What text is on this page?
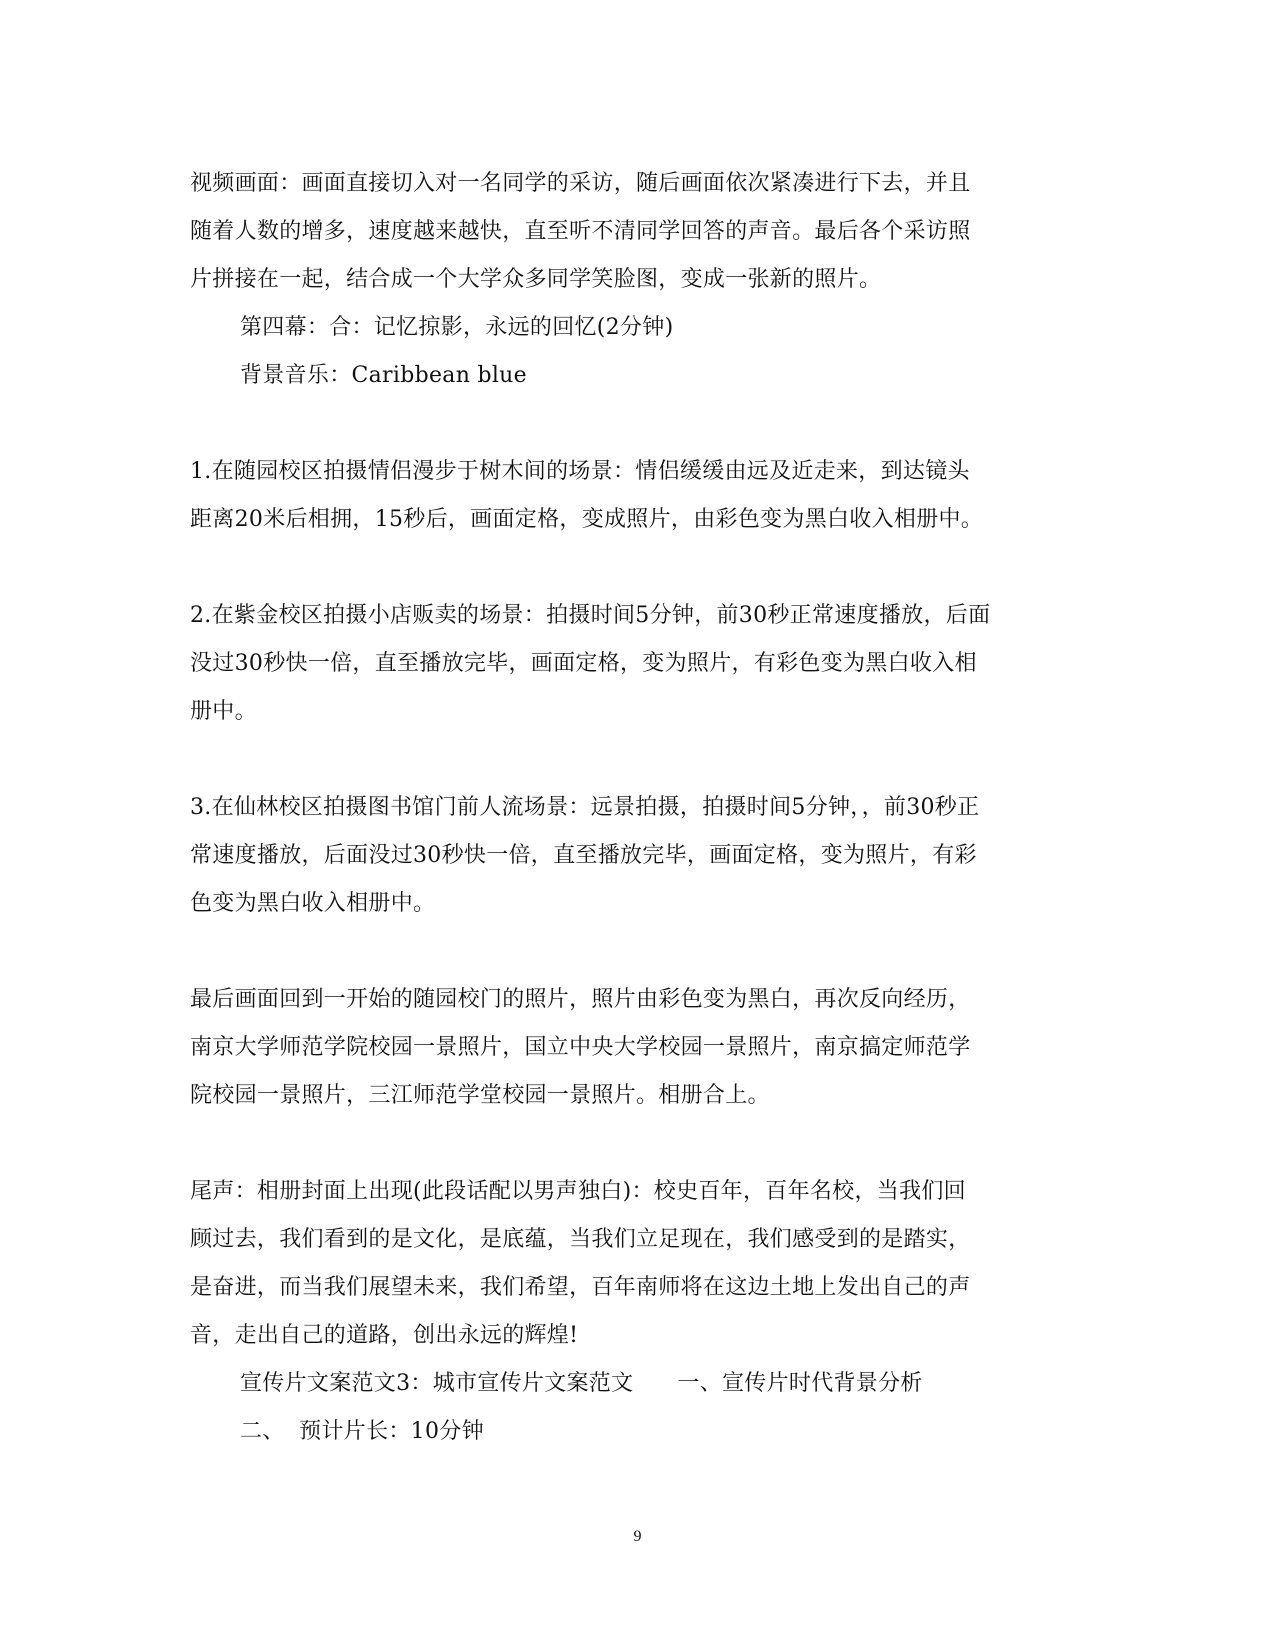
视频画面：画面直接切入对一名同学的采访，随后画面依次紧凑进行下去，并且
随着人数的增多，速度越来越快，直至听不清同学回答的声音。最后各个采访照
片拼接在一起，结合成一个大学众多同学笑脸图，变成一张新的照片。
第四幕：合：记忆掠影，永远的回忆(2分钟)
背景音乐：Caribbean blue
1.在随园校区拍摄情侣漫步于树木间的场景：情侣缓缓由远及近走来，到达镜头
距离20米后相拥，15秒后，画面定格，变成照片，由彩色变为黑白收入相册中。
2.在紫金校区拍摄小店贩卖的场景：拍摄时间5分钟，前30秒正常速度播放，后面
没过30秒快一倍，直至播放完毕，画面定格，变为照片，有彩色变为黑白收入相
册中。
3.在仙林校区拍摄图书馆门前人流场景：远景拍摄，拍摄时间5分钟，，前30秒正
常速度播放，后面没过30秒快一倍，直至播放完毕，画面定格，变为照片，有彩
色变为黑白收入相册中。
最后画面回到一开始的随园校门的照片，照片由彩色变为黑白，再次反向经历，
南京大学师范学院校园一景照片，国立中央大学校园一景照片，南京搞定师范学
院校园一景照片，三江师范学堂校园一景照片。相册合上。
尾声：相册封面上出现(此段话配以男声独白)：校史百年，百年名校，当我们回
顾过去，我们看到的是文化，是底蕴，当我们立足现在，我们感受到的是踏实，
是奋进，而当我们展望未来，我们希望，百年南师将在这边土地上发出自己的声
音，走出自己的道路，创出永远的辉煌!
宣传片文案范文3：城市宣传片文案范文 一、宣传片时代背景分析
二、  预计片长：10分钟
9
